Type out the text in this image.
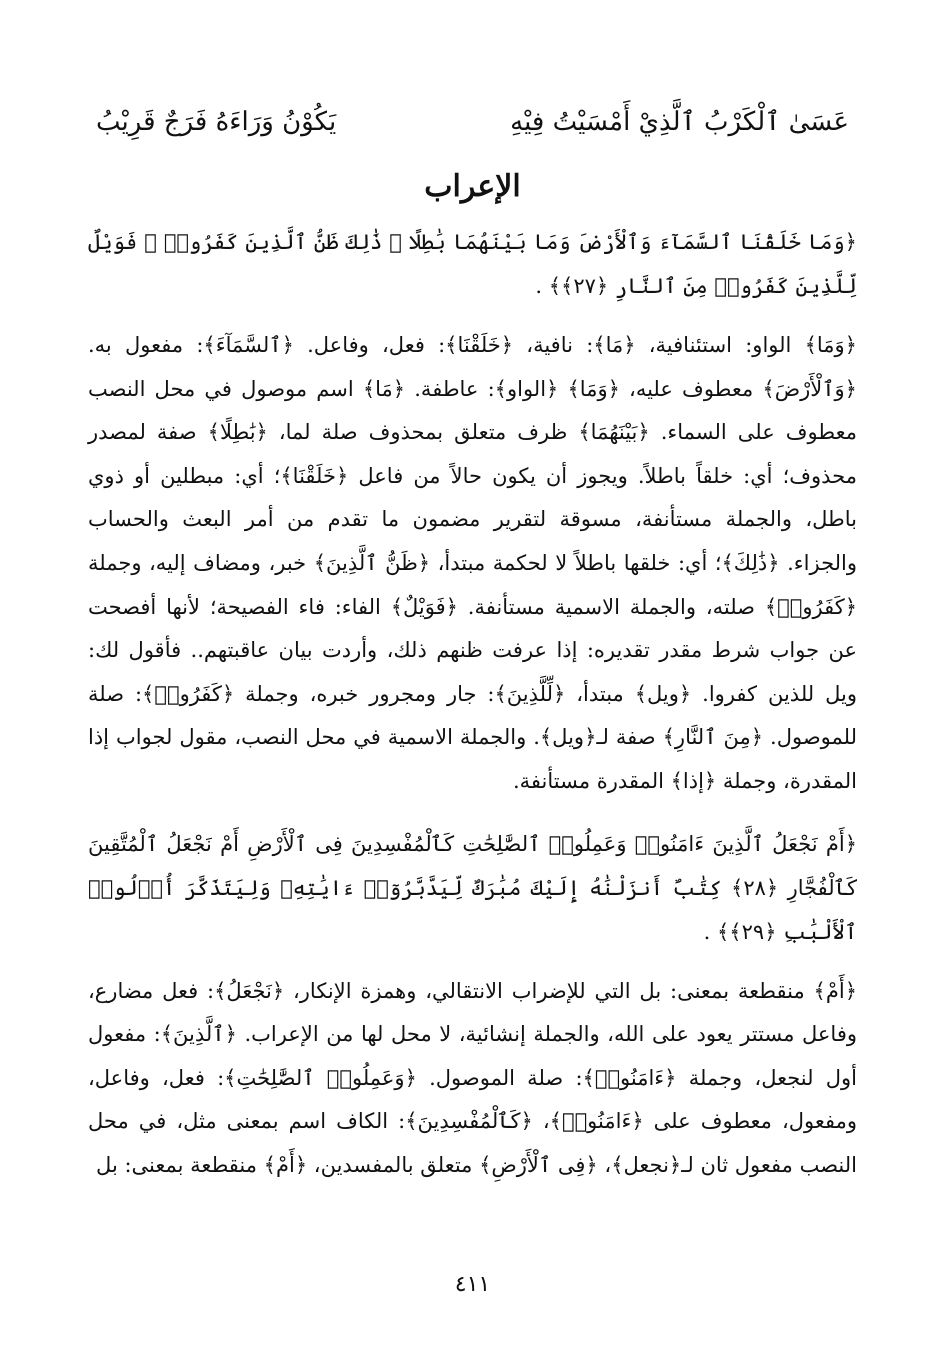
عَسَىٰ ٱلْكَرْبُ ٱلَّذِيْ أَمْسَيْتُ فِيْهِ
يَكُوْنُ وَرَاءَهُ فَرَجٌ قَرِيْبُ
الإعراب

﴿وَمَا خَلَقْنَا ٱلسَّمَآءَ وَٱلْأَرْضَ وَمَا بَيْنَهُمَا بَٰطِلًا ۚ ذَٰلِكَ ظَنُّ ٱلَّذِينَ كَفَرُوا۟ ۚ فَوَيْلٌ لِّلَّذِينَ كَفَرُوا۟ مِنَ ٱلنَّارِ ﴿٢٧﴾﴾ .

﴿وَمَا﴾ الواو: استئنافية، ﴿مَا﴾: نافية، ﴿خَلَقْنَا﴾: فعل، وفاعل. ﴿ٱلسَّمَآءَ﴾: مفعول به. ﴿وَٱلْأَرْضَ﴾ معطوف عليه، ﴿وَمَا﴾ ﴿الواو﴾: عاطفة. ﴿مَا﴾ اسم موصول في محل النصب معطوف على السماء. ﴿بَيْنَهُمَا﴾ ظرف متعلق بمحذوف صلة لما، ﴿بَٰطِلًا﴾ صفة لمصدر محذوف؛ أي: خلقاً باطلاً. ويجوز أن يكون حالاً من فاعل ﴿خَلَقْنَا﴾؛ أي: مبطلين أو ذوي باطل، والجملة مستأنفة، مسوقة لتقرير مضمون ما تقدم من أمر البعث والحساب والجزاء. ﴿ذَٰلِكَ﴾؛ أي: خلقها باطلاً لا لحكمة مبتدأ، ﴿ظَنُّ ٱلَّذِينَ﴾ خبر، ومضاف إليه، وجملة ﴿كَفَرُوا۟﴾ صلته، والجملة الاسمية مستأنفة. ﴿فَوَيْلٌ﴾ الفاء: فاء الفصيحة؛ لأنها أفصحت عن جواب شرط مقدر تقديره: إذا عرفت ظنهم ذلك، وأردت بيان عاقبتهم.. فأقول لك: ويل للذين كفروا. ﴿ويل﴾ مبتدأ، ﴿لِّلَّذِينَ﴾: جار ومجرور خبره، وجملة ﴿كَفَرُوا۟﴾: صلة للموصول. ﴿مِنَ ٱلنَّارِ﴾ صفة لـ﴿ويل﴾. والجملة الاسمية في محل النصب، مقول لجواب إذا المقدرة، وجملة ﴿إذا﴾ المقدرة مستأنفة.

﴿أَمْ نَجْعَلُ ٱلَّذِينَ ءَامَنُوا۟ وَعَمِلُوا۟ ٱلصَّٰلِحَٰتِ كَٱلْمُفْسِدِينَ فِى ٱلْأَرْضِ أَمْ نَجْعَلُ ٱلْمُتَّقِينَ كَٱلْفُجَّارِ ﴿٢٨﴾ كِتَٰبٌ أَنزَلْنَٰهُ إِلَيْكَ مُبَٰرَكٌ لِّيَدَّبَّرُوٓا۟ ءَايَٰتِهِۦ وَلِيَتَذَكَّرَ أُو۟لُوا۟ ٱلْأَلْبَٰبِ ﴿٢٩﴾﴾ .

﴿أَمْ﴾ منقطعة بمعنى: بل التي للإضراب الانتقالي، وهمزة الإنكار، ﴿نَجْعَلُ﴾: فعل مضارع، وفاعل مستتر يعود على الله، والجملة إنشائية، لا محل لها من الإعراب. ﴿ٱلَّذِينَ﴾: مفعول أول لنجعل، وجملة ﴿ءَامَنُوا۟﴾: صلة الموصول. ﴿وَعَمِلُوا۟ ٱلصَّٰلِحَٰتِ﴾: فعل، وفاعل، ومفعول، معطوف على ﴿ءَامَنُوا۟﴾، ﴿كَٱلْمُفْسِدِينَ﴾: الكاف اسم بمعنى مثل، في محل النصب مفعول ثان لـ﴿نجعل﴾، ﴿فِى ٱلْأَرْضِ﴾ متعلق بالمفسدين، ﴿أَمْ﴾ منقطعة بمعنى: بل

٤١١
